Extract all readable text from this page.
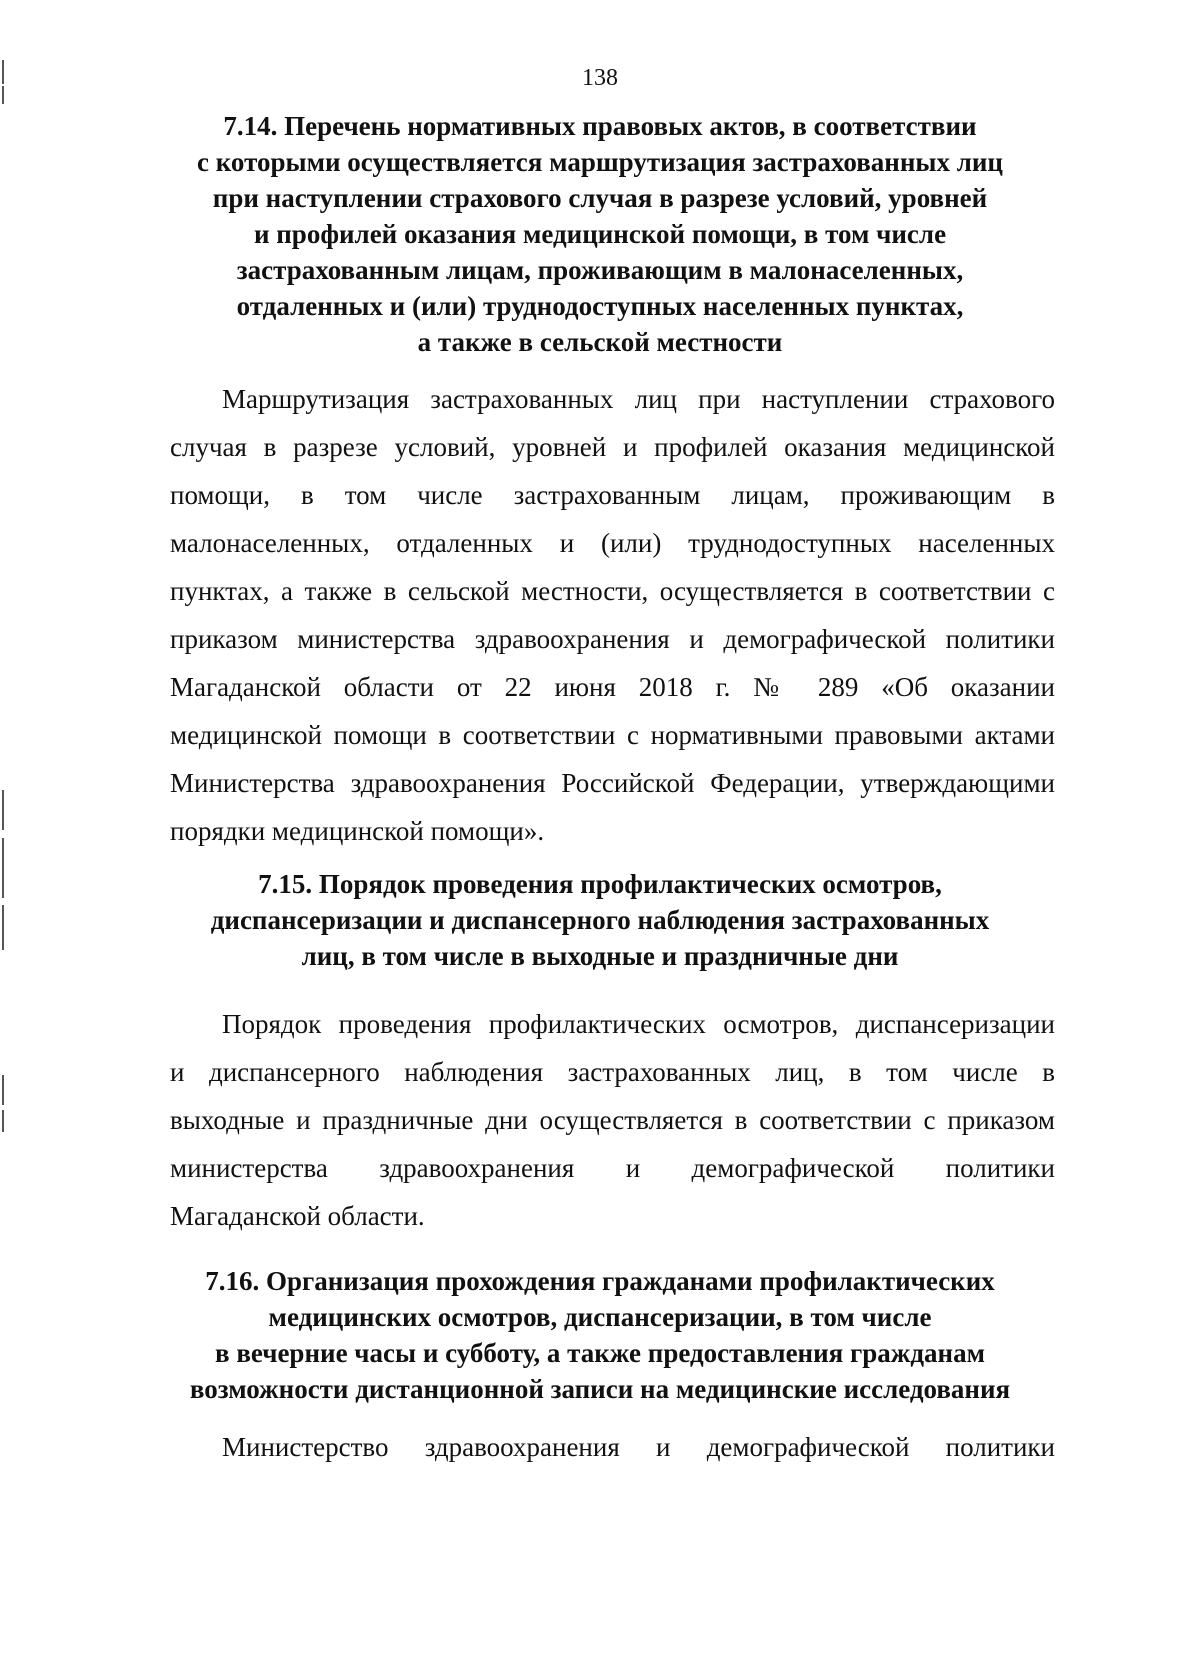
138
7.14. Перечень нормативных правовых актов, в соответствии
с которыми осуществляется маршрутизация застрахованных лиц
при наступлении страхового случая в разрезе условий, уровней
и профилей оказания медицинской помощи, в том числе
застрахованным лицам, проживающим в малонаселенных,
отдаленных и (или) труднодоступных населенных пунктах,
а также в сельской местности
Маршрутизация застрахованных лиц при наступлении страхового
случая в разрезе условий, уровней и профилей оказания медицинской
помощи, в том числе застрахованным лицам, проживающим в
малонаселенных, отдаленных и (или) труднодоступных населенных
пунктах, а также в сельской местности, осуществляется в соответствии с
приказом министерства здравоохранения и демографической политики
Магаданской области от 22 июня 2018 г. № 289 «Об оказании
медицинской помощи в соответствии с нормативными правовыми актами
Министерства здравоохранения Российской Федерации, утверждающими
порядки медицинской помощи».
7.15. Порядок проведения профилактических осмотров,
диспансеризации и диспансерного наблюдения застрахованных
лиц, в том числе в выходные и праздничные дни
Порядок проведения профилактических осмотров, диспансеризации
и диспансерного наблюдения застрахованных лиц, в том числе в
выходные и праздничные дни осуществляется в соответствии с приказом
министерства здравоохранения и демографической политики
Магаданской области.
7.16. Организация прохождения гражданами профилактических
медицинских осмотров, диспансеризации, в том числе
в вечерние часы и субботу, а также предоставления гражданам
возможности дистанционной записи на медицинские исследования
Министерство здравоохранения и демографической политики
